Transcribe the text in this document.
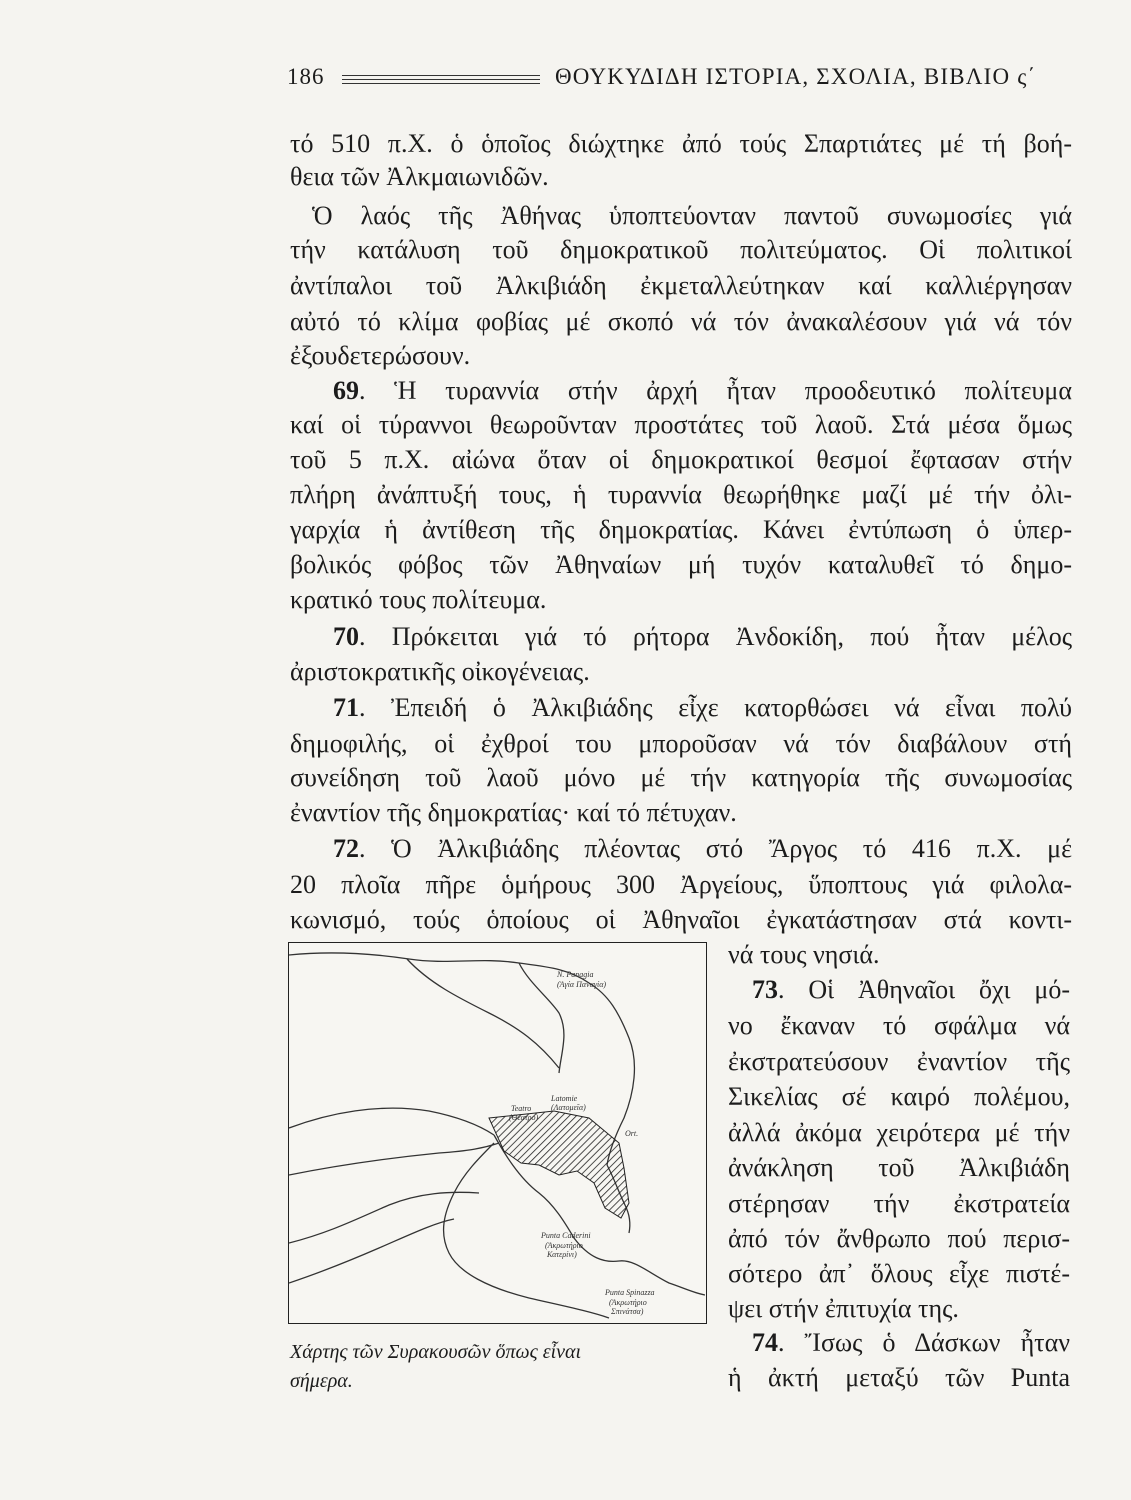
186	ΘΟΥΚΥΔΙΔΗ ΙΣΤΟΡΙΑ, ΣΧΟΛΙΑ, ΒΙΒΛΙΟ ς΄
τό 510 π.Χ. ὁ ὁποῖος διώχτηκε ἀπό τούς Σπαρτιάτες μέ τή βοή-
θεια τῶν Ἀλκμαιωνιδῶν.
Ὁ λαός τῆς Ἀθήνας ὑποπτεύονταν παντοῦ συνωμοσίες γιά
τήν κατάλυση τοῦ δημοκρατικοῦ πολιτεύματος. Οἱ πολιτικοί
ἀντίπαλοι τοῦ Ἀλκιβιάδη ἐκμεταλλεύτηκαν καί καλλιέργησαν
αὐτό τό κλίμα φοβίας μέ σκοπό νά τόν ἀνακαλέσουν γιά νά τόν
ἐξουδετερώσουν.
69. Ἡ τυραννία στήν ἀρχή ἦταν προοδευτικό πολίτευμα
καί οἱ τύραννοι θεωροῦνταν προστάτες τοῦ λαοῦ. Στά μέσα ὅμως
τοῦ 5 π.Χ. αἰώνα ὅταν οἱ δημοκρατικοί θεσμοί ἔφτασαν στήν
πλήρη ἀνάπτυξή τους, ἡ τυραννία θεωρήθηκε μαζί μέ τήν ὀλι-
γαρχία ἡ ἀντίθεση τῆς δημοκρατίας. Κάνει ἐντύπωση ὁ ὑπερ-
βολικός φόβος τῶν Ἀθηναίων μή τυχόν καταλυθεῖ τό δημο-
κρατικό τους πολίτευμα.
70. Πρόκειται γιά τό ρήτορα Ἀνδοκίδη, πού ἦταν μέλος
ἀριστοκρατικῆς οἰκογένειας.
71. Ἐπειδή ὁ Ἀλκιβιάδης εἶχε κατορθώσει νά εἶναι πολύ
δημοφιλής, οἱ ἐχθροί του μποροῦσαν νά τόν διαβάλουν στή
συνείδηση τοῦ λαοῦ μόνο μέ τήν κατηγορία τῆς συνωμοσίας
ἐναντίον τῆς δημοκρατίας· καί τό πέτυχαν.
72. Ὁ Ἀλκιβιάδης πλέοντας στό Ἄργος τό 416 π.Χ. μέ
20 πλοῖα πῆρε ὁμήρους 300 Ἀργείους, ὕποπτους γιά φιλολα-
κωνισμό, τούς ὁποίους οἱ Ἀθηναῖοι ἐγκατάστησαν στά κοντι-
νά τους νησιά.
73. Οἱ Ἀθηναῖοι ὄχι μό-
νο ἔκαναν τό σφάλμα νά
ἐκστρατεύσουν ἐναντίον τῆς
Σικελίας σέ καιρό πολέμου,
ἀλλά ἀκόμα χειρότερα μέ τήν
ἀνάκληση τοῦ Ἀλκιβιάδη
στέρησαν τήν ἐκστρατεία
ἀπό τόν ἄνθρωπο πού περισ-
σότερο ἀπ᾽ ὅλους εἶχε πιστέ-
ψει στήν ἐπιτυχία της.
74. Ἴσως ὁ Δάσκων ἦταν
ἡ ἀκτή μεταξύ τῶν Punta
N. Panagia
(Ἁγία Παναγία)
Latomie
(Λατομεῖα)
Teatro
(Θέατρο)
Ort.
Punta Caderini
(Ἀκρωτήριο
Κατερίνι)
Punta Spinazza
(Ἀκρωτήριο
Σπινάτσα)
Χάρτης τῶν Συρακουσῶν ὅπως εἶναι
σήμερα.
